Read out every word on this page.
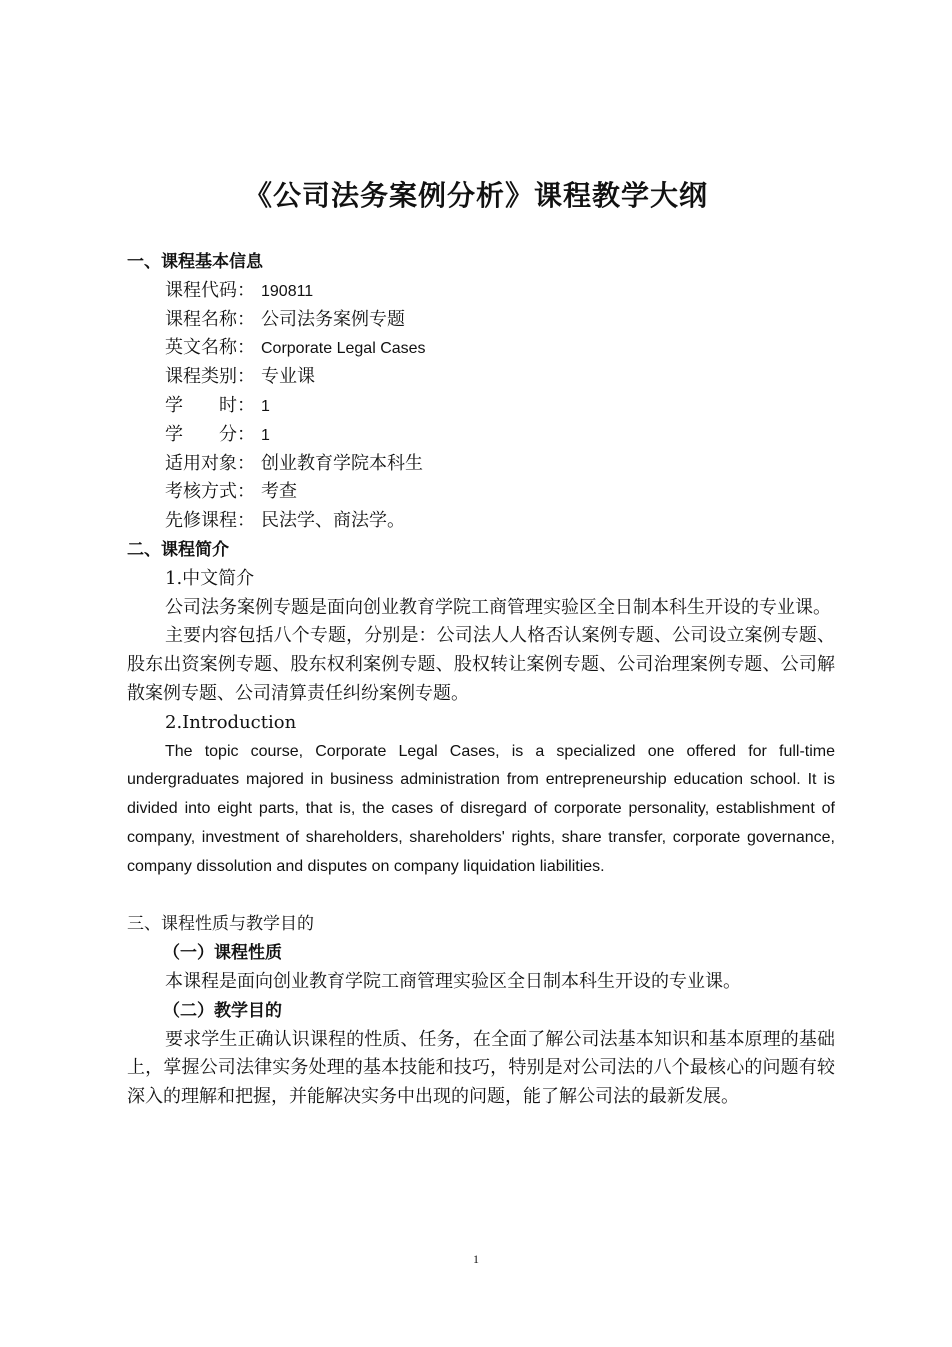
《公司法务案例分析》课程教学大纲
一、课程基本信息
课程代码： 190811
课程名称： 公司法务案例专题
英文名称： Corporate Legal Cases
课程类别： 专业课
学　　时： 1
学　　分： 1
适用对象： 创业教育学院本科生
考核方式： 考查
先修课程： 民法学、商法学。
二、课程简介
1.中文简介

公司法务案例专题是面向创业教育学院工商管理实验区全日制本科生开设的专业课。

主要内容包括八个专题，分别是：公司法人人格否认案例专题、公司设立案例专题、股东出资案例专题、股东权利案例专题、股权转让案例专题、公司治理案例专题、公司解散案例专题、公司清算责任纠纷案例专题。

2.Introduction

The topic course, Corporate Legal Cases, is a specialized one offered for full-time undergraduates majored in business administration from entrepreneurship education school. It is divided into eight parts, that is, the cases of disregard of corporate personality, establishment of company, investment of shareholders, shareholders' rights, share transfer, corporate governance, company dissolution and disputes on company liquidation liabilities.

三、课程性质与教学目的
（一）课程性质

本课程是面向创业教育学院工商管理实验区全日制本科生开设的专业课。

（二）教学目的

要求学生正确认识课程的性质、任务，在全面了解公司法基本知识和基本原理的基础上，掌握公司法律实务处理的基本技能和技巧，特别是对公司法的八个最核心的问题有较深入的理解和把握，并能解决实务中出现的问题，能了解公司法的最新发展。

1
